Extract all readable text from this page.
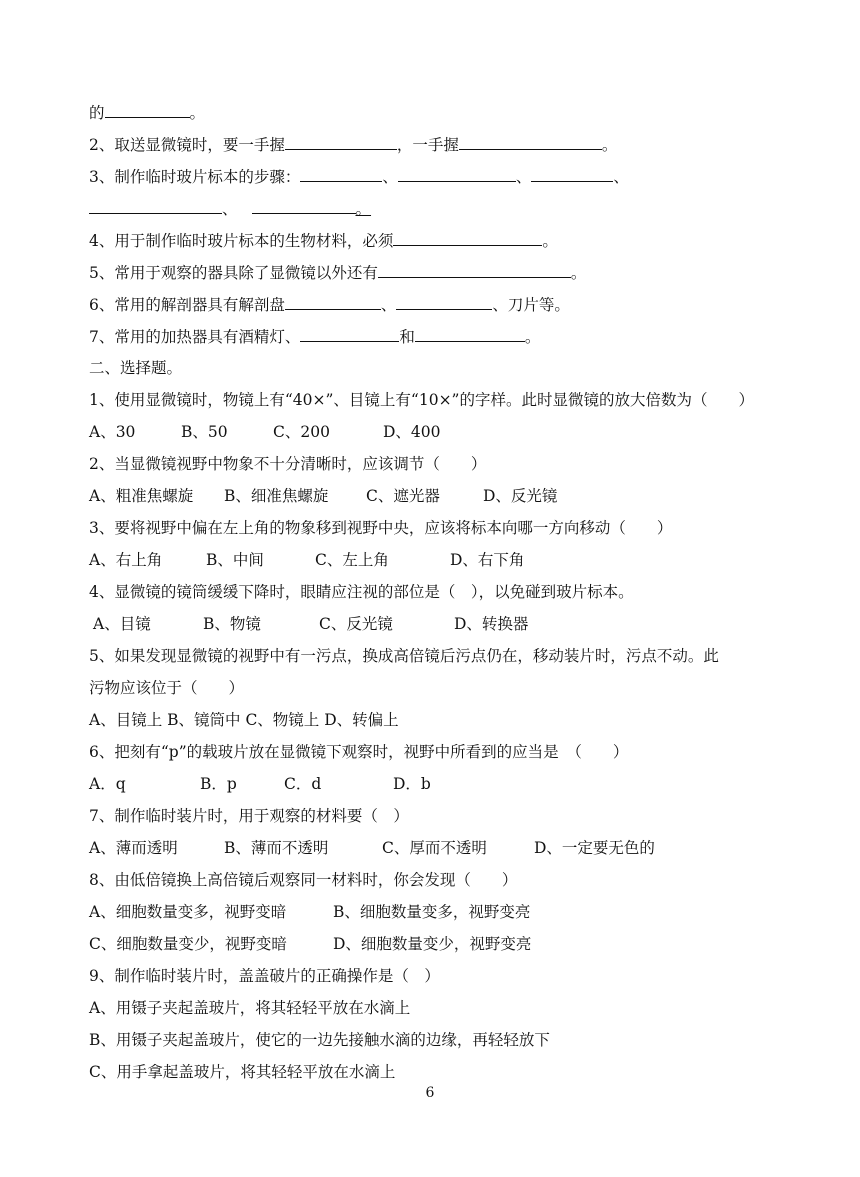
的	。
2、取送显微镜时，要一手握	，一手握	。
3、制作临时玻片标本的步骤：	、	、	、
、	。
4、用于制作临时玻片标本的生物材料，必须	。
5、常用于观察的器具除了显微镜以外还有	。
6、常用的解剖器具有解剖盘	、	、刀片等。
7、常用的加热器具有酒精灯、	和	。
二、选择题。
1、使用显微镜时，物镜上有“40×”、目镜上有“10×”的字样。此时显微镜的放大倍数为（　　）
A、30	B、50	C、200	D、400
2、当显微镜视野中物象不十分清晰时，应该调节（　　）
A、粗准焦螺旋 B、细准焦螺旋 C、遮光器	D、反光镜
3、要将视野中偏在左上角的物象移到视野中央，应该将标本向哪一方向移动（　　）
A、右上角	B、中间	C、左上角	D、右下角
4、显微镜的镜筒缓缓下降时，眼睛应注视的部位是（　），以免碰到玻片标本。
A、目镜	B、物镜	C、反光镜	D、转换器
5、如果发现显微镜的视野中有一污点，换成高倍镜后污点仍在，移动装片时，污点不动。此
污物应该位于（　　）
A、目镜上 B、镜筒中 C、物镜上 D、转偏上
6、把刻有“p”的载玻片放在显微镜下观察时，视野中所看到的应当是　（　　）
A．q	B．p	C．d	D．b
7、制作临时装片时，用于观察的材料要（　）
A、薄而透明	B、薄而不透明	C、厚而不透明	D、一定要无色的
8、由低倍镜换上高倍镜后观察同一材料时，你会发现（　　）
A、细胞数量变多，视野变暗	B、细胞数量变多，视野变亮
C、细胞数量变少，视野变暗	D、细胞数量变少，视野变亮
9、制作临时装片时，盖盖破片的正确操作是（　）
A、用镊子夹起盖玻片，将其轻轻平放在水滴上
B、用镊子夹起盖玻片，使它的一边先接触水滴的边缘，再轻轻放下
C、用手拿起盖玻片，将其轻轻平放在水滴上
6
